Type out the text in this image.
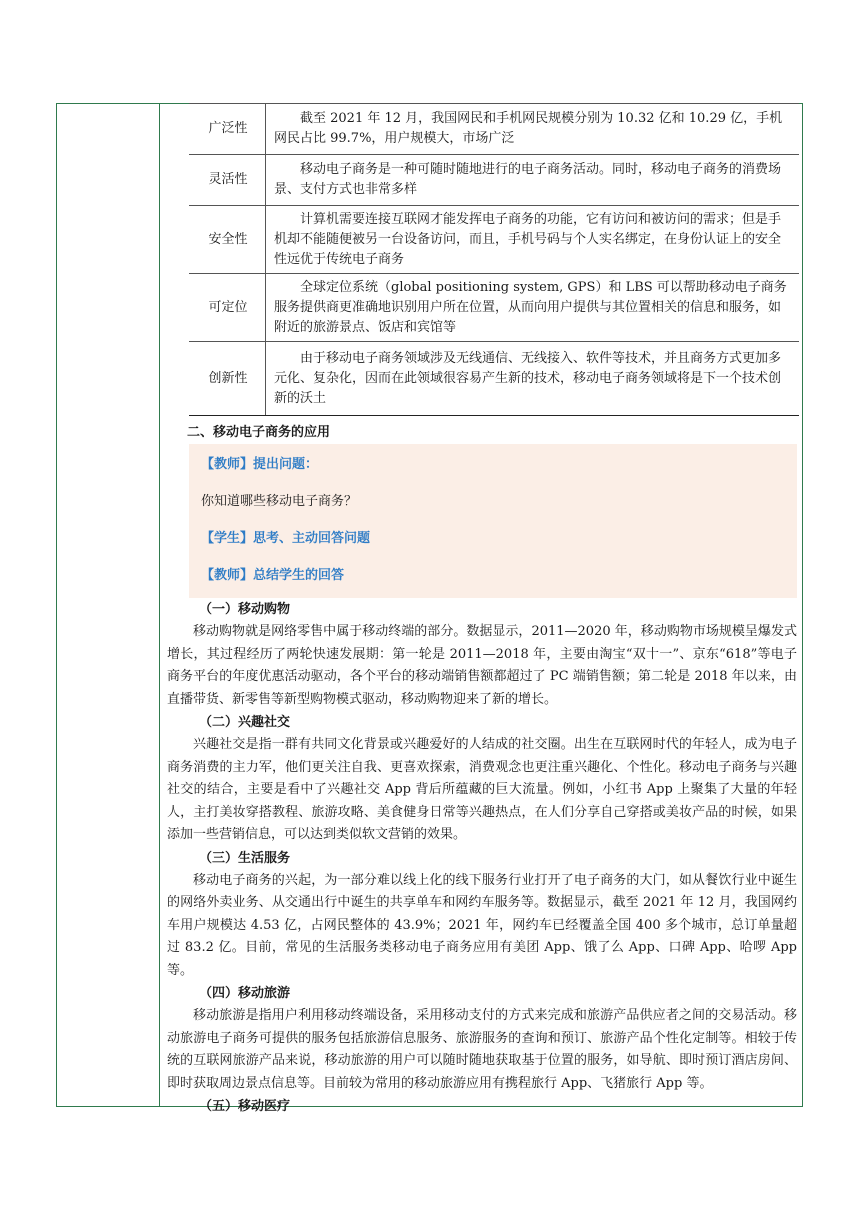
广泛性	截至 2021 年 12 月，我国网民和手机网民规模分别为 10.32 亿和 10.29 亿，手机网民占比 99.7%，用户规模大，市场广泛
灵活性	移动电子商务是一种可随时随地进行的电子商务活动。同时，移动电子商务的消费场景、支付方式也非常多样
安全性	计算机需要连接互联网才能发挥电子商务的功能，它有访问和被访问的需求；但是手机却不能随便被另一台设备访问，而且，手机号码与个人实名绑定，在身份认证上的安全性远优于传统电子商务
可定位	全球定位系统（global positioning system, GPS）和 LBS 可以帮助移动电子商务服务提供商更准确地识别用户所在位置，从而向用户提供与其位置相关的信息和服务，如附近的旅游景点、饭店和宾馆等
创新性	由于移动电子商务领域涉及无线通信、无线接入、软件等技术，并且商务方式更加多元化、复杂化，因而在此领域很容易产生新的技术，移动电子商务领域将是下一个技术创新的沃土
二、移动电子商务的应用

【教师】提出问题：

你知道哪些移动电子商务？

【学生】思考、主动回答问题

【教师】总结学生的回答

（一）移动购物

移动购物就是网络零售中属于移动终端的部分。数据显示，2011—2020 年，移动购物市场规模呈爆发式增长，其过程经历了两轮快速发展期：第一轮是 2011—2018 年，主要由淘宝“双十一”、京东“618”等电子商务平台的年度优惠活动驱动，各个平台的移动端销售额都超过了 PC 端销售额；第二轮是 2018 年以来，由直播带货、新零售等新型购物模式驱动，移动购物迎来了新的增长。

（二）兴趣社交

兴趣社交是指一群有共同文化背景或兴趣爱好的人结成的社交圈。出生在互联网时代的年轻人，成为电子商务消费的主力军，他们更关注自我、更喜欢探索，消费观念也更注重兴趣化、个性化。移动电子商务与兴趣社交的结合，主要是看中了兴趣社交 App 背后所蕴藏的巨大流量。例如，小红书 App 上聚集了大量的年轻人，主打美妆穿搭教程、旅游攻略、美食健身日常等兴趣热点，在人们分享自己穿搭或美妆产品的时候，如果添加一些营销信息，可以达到类似软文营销的效果。

（三）生活服务

移动电子商务的兴起，为一部分难以线上化的线下服务行业打开了电子商务的大门，如从餐饮行业中诞生的网络外卖业务、从交通出行中诞生的共享单车和网约车服务等。数据显示，截至 2021 年 12 月，我国网约车用户规模达 4.53 亿，占网民整体的 43.9%；2021 年，网约车已经覆盖全国 400 多个城市，总订单量超过 83.2 亿。目前，常见的生活服务类移动电子商务应用有美团 App、饿了么 App、口碑 App、哈啰 App 等。

（四）移动旅游

移动旅游是指用户利用移动终端设备，采用移动支付的方式来完成和旅游产品供应者之间的交易活动。移动旅游电子商务可提供的服务包括旅游信息服务、旅游服务的查询和预订、旅游产品个性化定制等。相较于传统的互联网旅游产品来说，移动旅游的用户可以随时随地获取基于位置的服务，如导航、即时预订酒店房间、即时获取周边景点信息等。目前较为常用的移动旅游应用有携程旅行 App、飞猪旅行 App 等。

（五）移动医疗
